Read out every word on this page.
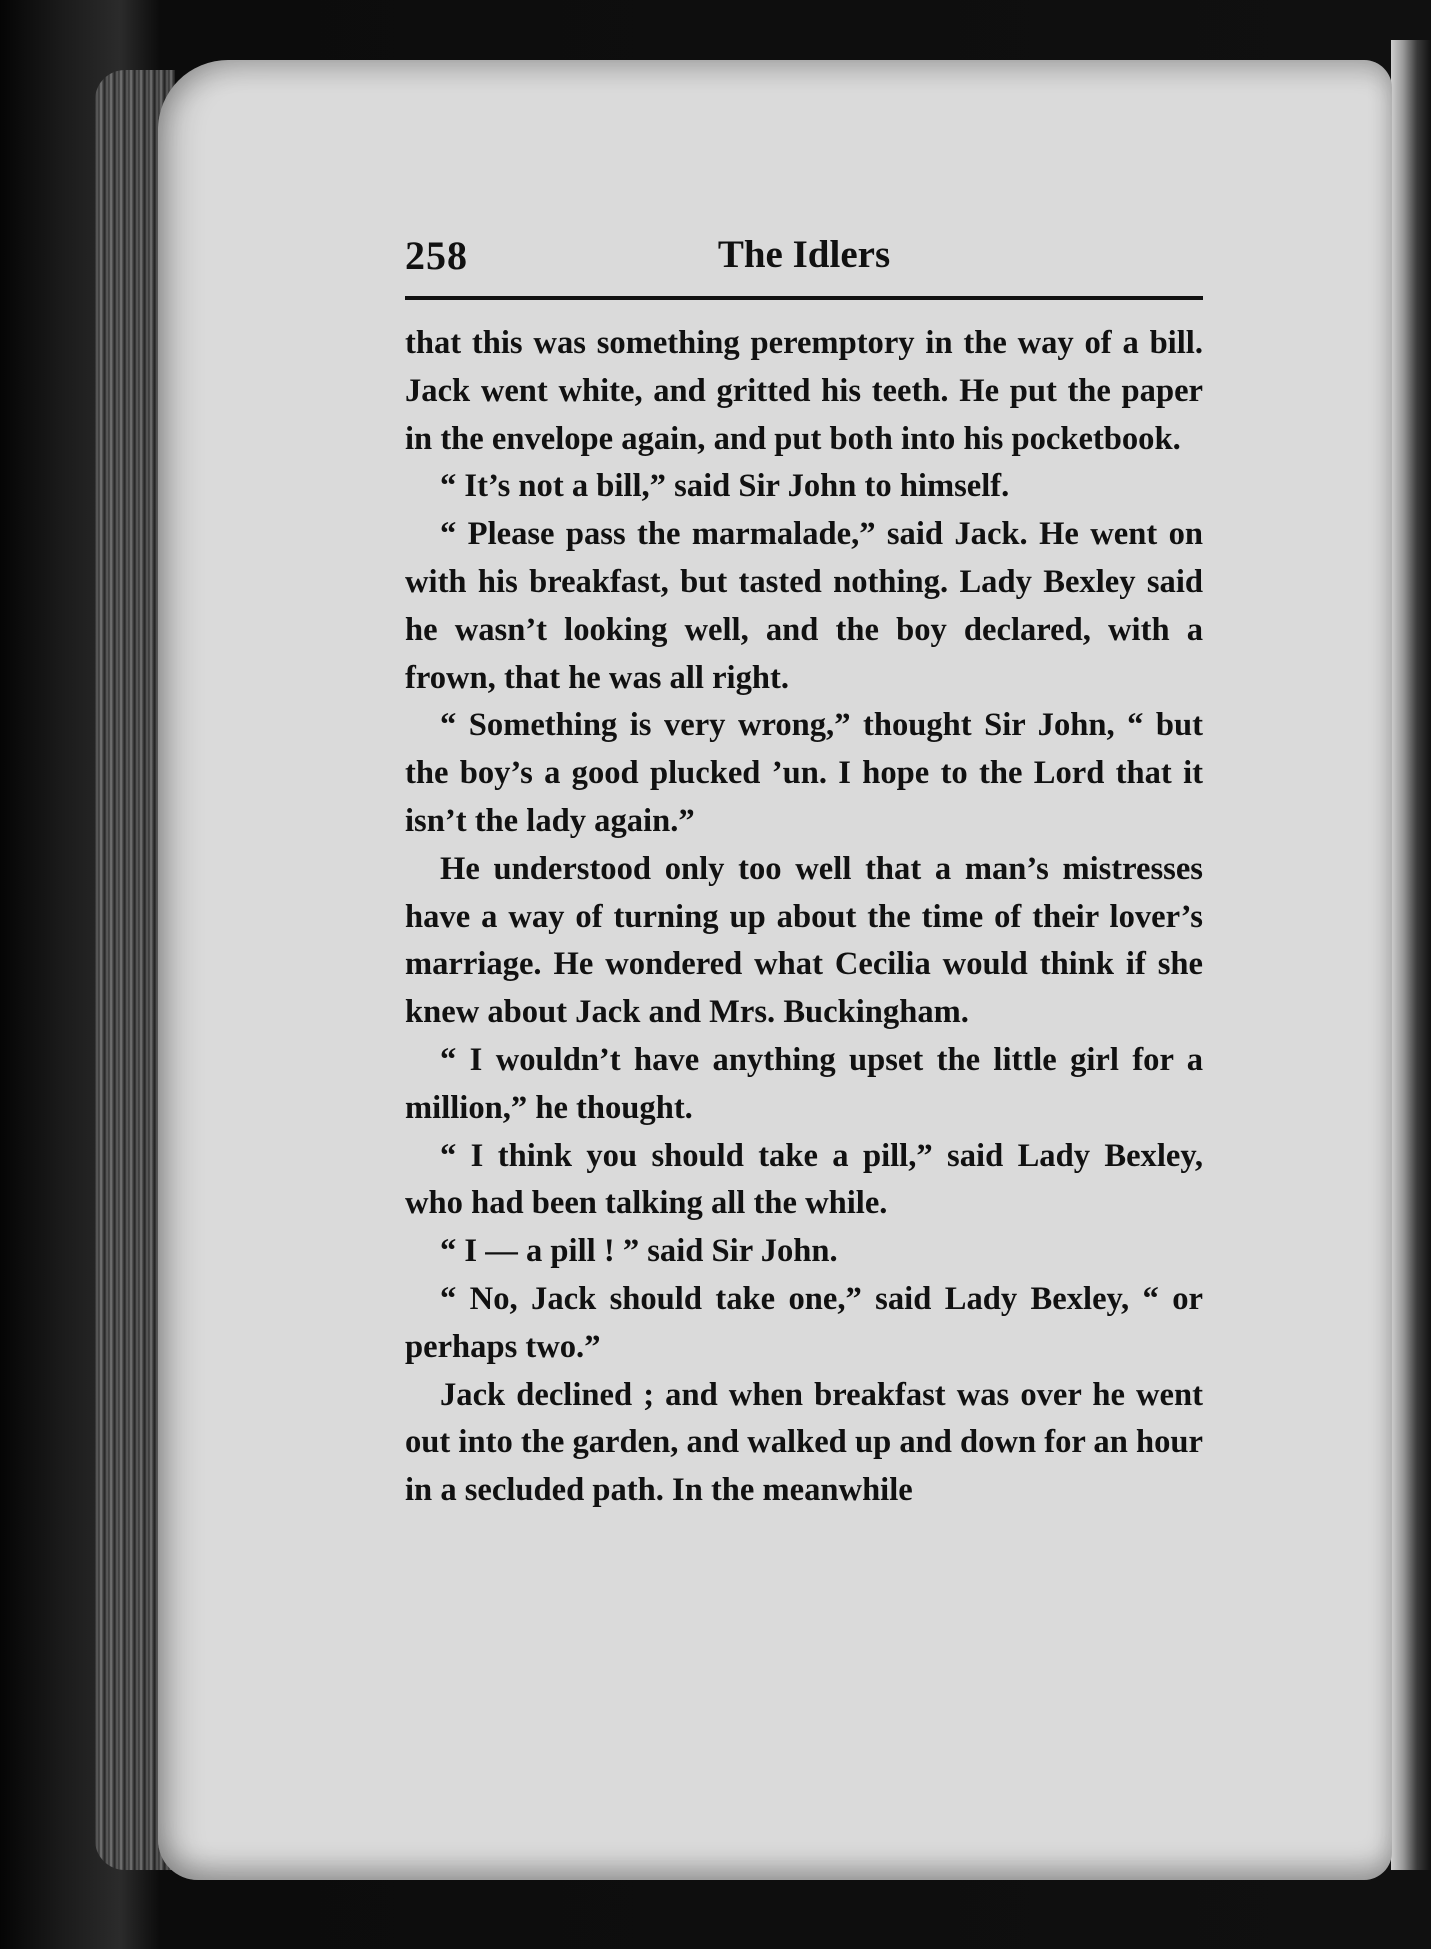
258	The Idlers

that this was something peremptory in the way of a bill. Jack went white, and gritted his teeth. He put the paper in the envelope again, and put both into his pocketbook.

“ It’s not a bill,” said Sir John to himself.

“ Please pass the marmalade,” said Jack. He went on with his breakfast, but tasted nothing. Lady Bexley said he wasn’t looking well, and the boy declared, with a frown, that he was all right.

“ Something is very wrong,” thought Sir John, “ but the boy’s a good plucked ’un. I hope to the Lord that it isn’t the lady again.”

He understood only too well that a man’s mistresses have a way of turning up about the time of their lover’s marriage. He wondered what Cecilia would think if she knew about Jack and Mrs. Buckingham.

“ I wouldn’t have anything upset the little girl for a million,” he thought.

“ I think you should take a pill,” said Lady Bexley, who had been talking all the while.

“ I — a pill ! ” said Sir John.

“ No, Jack should take one,” said Lady Bexley, “ or perhaps two.”

Jack declined ; and when breakfast was over he went out into the garden, and walked up and down for an hour in a secluded path. In the meanwhile
